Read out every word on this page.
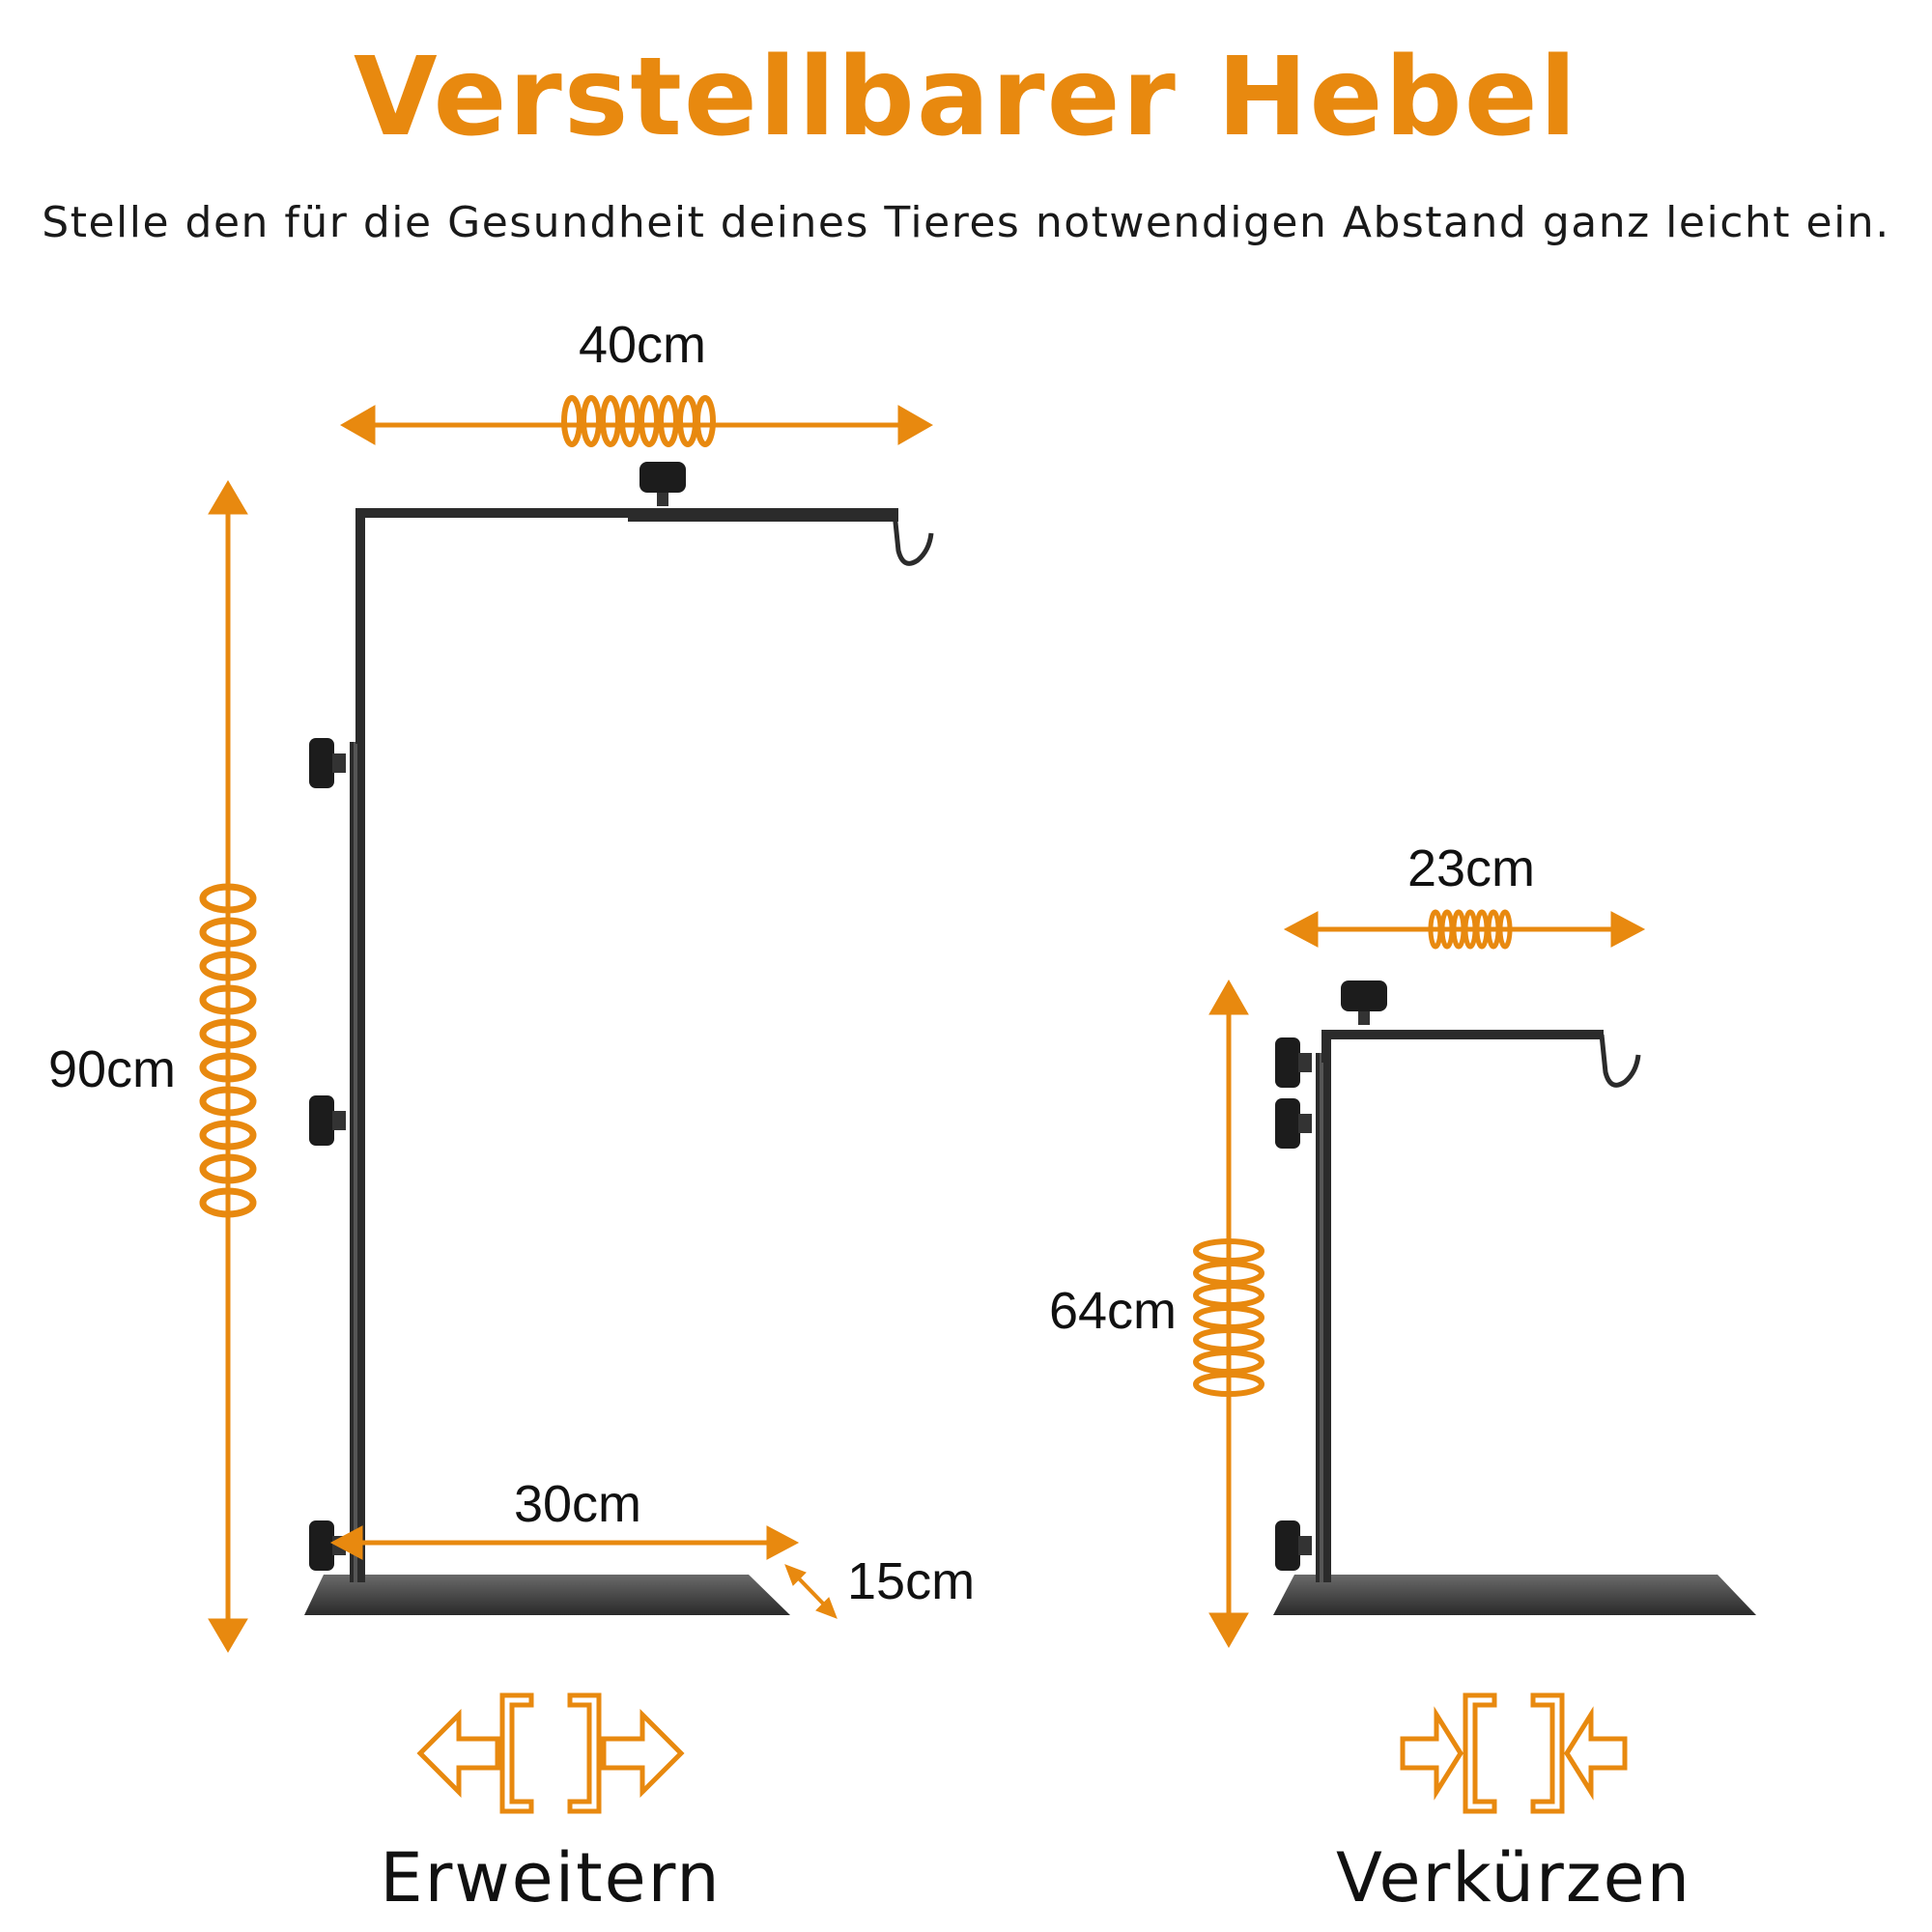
Verstellbarer Hebel
Stelle den für die Gesundheit deines Tieres notwendigen Abstand ganz leicht ein.
40cm
90cm
30cm
15cm
Erweitern
23cm
64cm
Verkürzen
